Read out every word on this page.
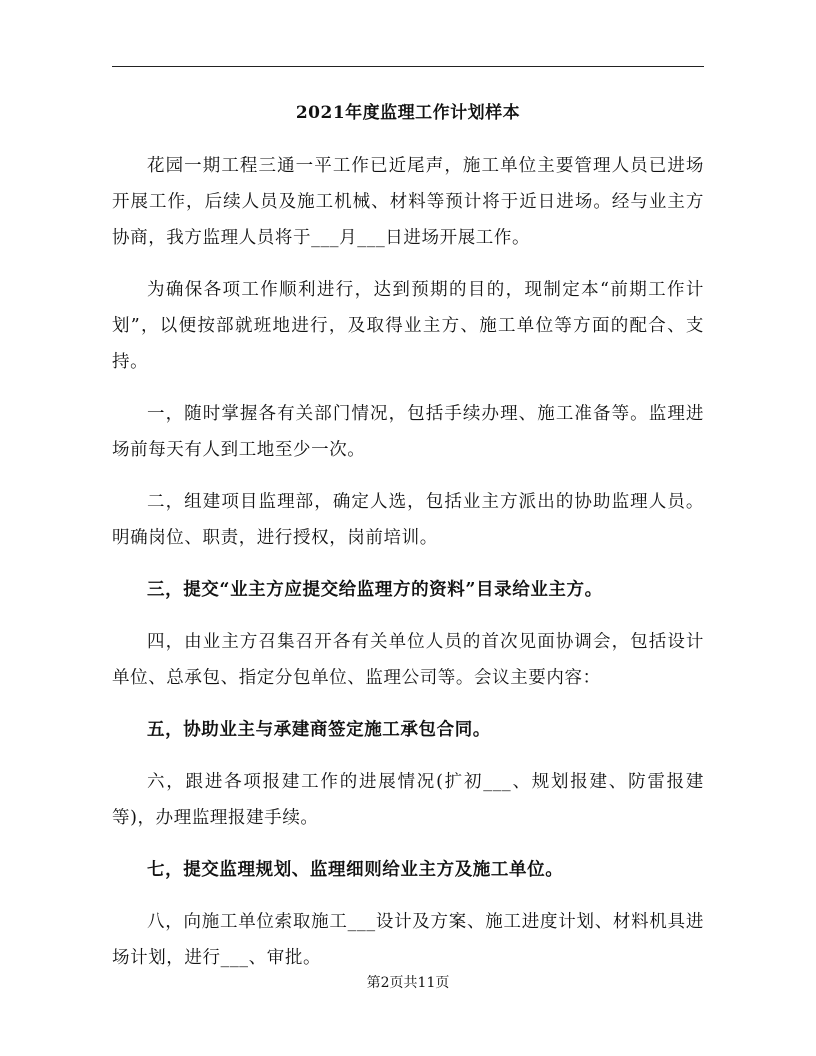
2021年度监理工作计划样本

花园一期工程三通一平工作已近尾声，施工单位主要管理人员已进场开展工作，后续人员及施工机械、材料等预计将于近日进场。经与业主方协商，我方监理人员将于___月___日进场开展工作。

为确保各项工作顺利进行，达到预期的目的，现制定本“前期工作计划”，以便按部就班地进行，及取得业主方、施工单位等方面的配合、支持。

一，随时掌握各有关部门情况，包括手续办理、施工准备等。监理进场前每天有人到工地至少一次。

二，组建项目监理部，确定人选，包括业主方派出的协助监理人员。明确岗位、职责，进行授权，岗前培训。

三，提交“业主方应提交给监理方的资料”目录给业主方。

四，由业主方召集召开各有关单位人员的首次见面协调会，包括设计单位、总承包、指定分包单位、监理公司等。会议主要内容：

五，协助业主与承建商签定施工承包合同。

六，跟进各项报建工作的进展情况(扩初___、规划报建、防雷报建等)，办理监理报建手续。

七，提交监理规划、监理细则给业主方及施工单位。

八，向施工单位索取施工___设计及方案、施工进度计划、材料机具进场计划，进行___、审批。

第2页共11页
